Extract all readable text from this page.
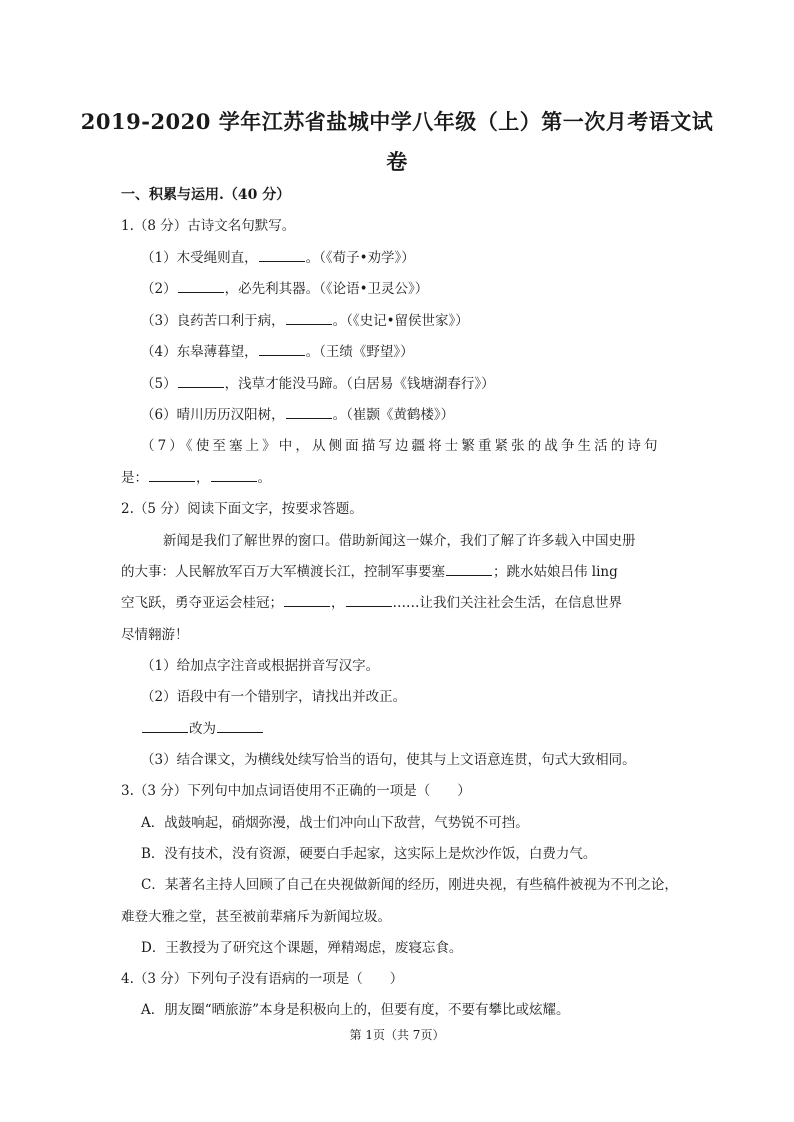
2019-2020 学年江苏省盐城中学八年级（上）第一次月考语文试
卷
一、积累与运用.（40 分）
1.（8 分）古诗文名句默写。
（1）木受绳则直，	。（《荀子•劝学》）
（2）	，必先利其器。（《论语•卫灵公》）
（3）良药苦口利于病，	。（《史记•留侯世家》）
（4）东皋薄暮望，	。（王绩《野望》）
（5）	，浅草才能没马蹄。（白居易《钱塘湖春行》）
（6）晴川历历汉阳树，	。（崔颢《黄鹤楼》）
（7）《使至塞上》中，从侧面描写边疆将士繁重紧张的战争生活的诗句
是：	，	。
2.（5 分）阅读下面文字，按要求答题。
新闻是我们了解世界的窗口。借助新闻这一媒介，我们了解了许多载入中国史册
的大事：人民解放军百万大军横渡长江，控制军事要塞	；跳水姑娘吕伟 ling
空飞跃，勇夺亚运会桂冠；	，	……让我们关注社会生活，在信息世界
尽情翱游！
（1）给加点字注音或根据拼音写汉字。
（2）语段中有一个错别字，请找出并改正。
改为
（3）结合课文，为横线处续写恰当的语句，使其与上文语意连贯，句式大致相同。
3.（3 分）下列句中加点词语使用不正确的一项是（　　）
A．战鼓响起，硝烟弥漫，战士们冲向山下敌营，气势锐不可挡。
B．没有技术，没有资源，硬要白手起家，这实际上是炊沙作饭，白费力气。
C．某著名主持人回顾了自己在央视做新闻的经历，刚进央视，有些稿件被视为不刊之论，
难登大雅之堂，甚至被前辈痛斥为新闻垃圾。
D．王教授为了研究这个课题，殚精竭虑，废寝忘食。
4.（3 分）下列句子没有语病的一项是（　　）
A．朋友圈“晒旅游”本身是积极向上的，但要有度，不要有攀比或炫耀。
第 1页（共 7页）
